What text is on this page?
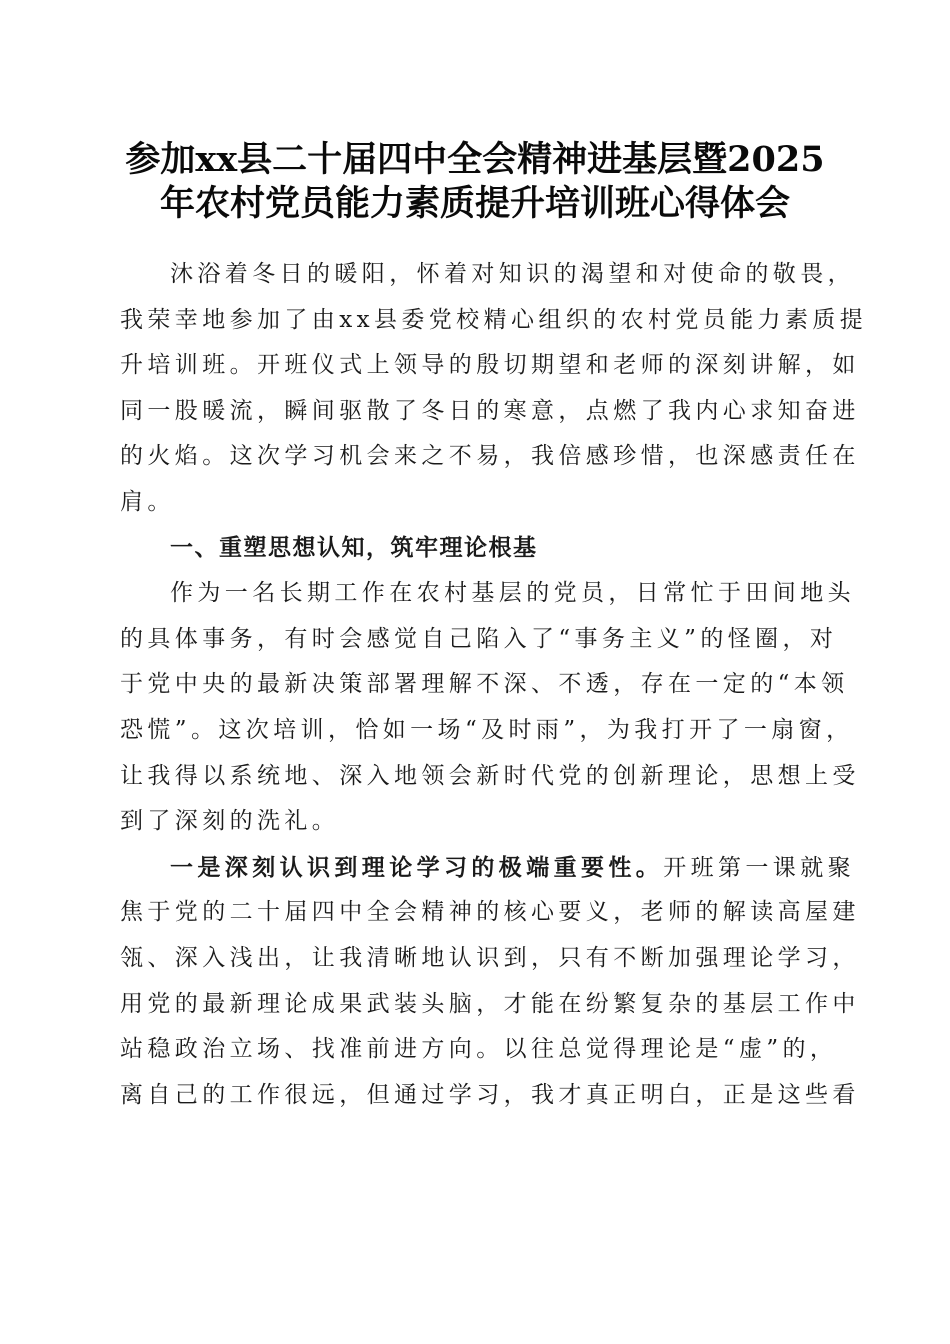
参加xx县二十届四中全会精神进基层暨2025
年农村党员能力素质提升培训班心得体会
沐浴着冬日的暖阳，怀着对知识的渴望和对使命的敬畏，
我荣幸地参加了由xx县委党校精心组织的农村党员能力素质提
升培训班。开班仪式上领导的殷切期望和老师的深刻讲解，如
同一股暖流，瞬间驱散了冬日的寒意，点燃了我内心求知奋进
的火焰。这次学习机会来之不易，我倍感珍惜，也深感责任在
肩。
一、重塑思想认知，筑牢理论根基
作为一名长期工作在农村基层的党员，日常忙于田间地头
的具体事务，有时会感觉自己陷入了“事务主义”的怪圈，对
于党中央的最新决策部署理解不深、不透，存在一定的“本领
恐慌”。这次培训，恰如一场“及时雨”，为我打开了一扇窗，
让我得以系统地、深入地领会新时代党的创新理论，思想上受
到了深刻的洗礼。
一是深刻认识到理论学习的极端重要性。开班第一课就聚
焦于党的二十届四中全会精神的核心要义，老师的解读高屋建
瓴、深入浅出，让我清晰地认识到，只有不断加强理论学习，
用党的最新理论成果武装头脑，才能在纷繁复杂的基层工作中
站稳政治立场、找准前进方向。以往总觉得理论是“虚”的，
离自己的工作很远，但通过学习，我才真正明白，正是这些看
